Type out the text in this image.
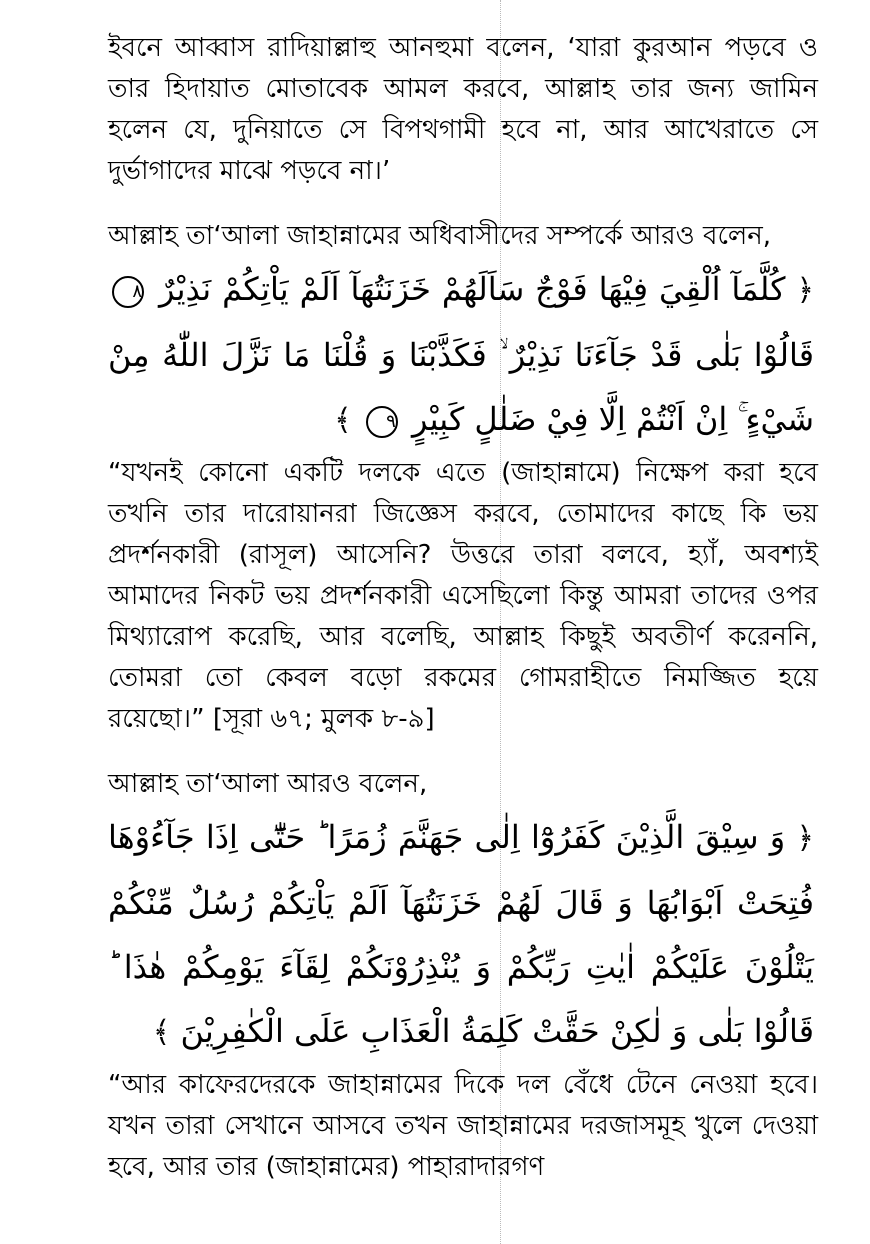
ইবনে আব্বাস রাদিয়াল্লাহু আনহুমা বলেন, ‘যারা কুরআন পড়বে ও তার হিদায়াত মোতাবেক আমল করবে, আল্লাহ তার জন্য জামিন হলেন যে, দুনিয়াতে সে বিপথগামী হবে না, আর আখেরাতে সে দুর্ভাগাদের মাঝে পড়বে না।’

আল্লাহ তা‘আলা জাহান্নামের অধিবাসীদের সম্পর্কে আরও বলেন,

﴿ كُلَّمَآ اُلْقِيَ فِيْهَا فَوْجٌ سَاَلَهُمْ خَزَنَتُهَآ اَلَمْ يَاْتِكُمْ نَذِيْرٌ ٨ قَالُوْا بَلٰى قَدْ جَآءَنَا نَذِيْرٌ ۙ فَكَذَّبْنَا وَ قُلْنَا مَا نَزَّلَ اللّٰهُ مِنْ شَيْءٍ ۚ اِنْ اَنْتُمْ اِلَّا فِيْ ضَلٰلٍ كَبِيْرٍ ٩ ﴾

“যখনই কোনো একটি দলকে এতে (জাহান্নামে) নিক্ষেপ করা হবে তখনি তার দারোয়ানরা জিজ্ঞেস করবে, তোমাদের কাছে কি ভয় প্রদর্শনকারী (রাসূল) আসেনি? উত্তরে তারা বলবে, হ্যাঁ, অবশ্যই আমাদের নিকট ভয় প্রদর্শনকারী এসেছিলো কিন্তু আমরা তাদের ওপর মিথ্যারোপ করেছি, আর বলেছি, আল্লাহ কিছুই অবতীর্ণ করেননি, তোমরা তো কেবল বড়ো রকমের গোমরাহীতে নিমজ্জিত হয়ে রয়েছো।” [সূরা ৬৭; মুলক ৮-৯]

আল্লাহ তা‘আলা আরও বলেন,

﴿ وَ سِيْقَ الَّذِيْنَ كَفَرُوْٓا اِلٰى جَهَنَّمَ زُمَرًا ؕ حَتّٰٓى اِذَا جَآءُوْهَا فُتِحَتْ اَبْوَابُهَا وَ قَالَ لَهُمْ خَزَنَتُهَآ اَلَمْ يَاْتِكُمْ رُسُلٌ مِّنْكُمْ يَتْلُوْنَ عَلَيْكُمْ اٰيٰتِ رَبِّكُمْ وَ يُنْذِرُوْنَكُمْ لِقَآءَ يَوْمِكُمْ هٰذَا ؕ قَالُوْا بَلٰى وَ لٰكِنْ حَقَّتْ كَلِمَةُ الْعَذَابِ عَلَى الْكٰفِرِيْنَ ﴾

“আর কাফেরদেরকে জাহান্নামের দিকে দল বেঁধে টেনে নেওয়া হবে। যখন তারা সেখানে আসবে তখন জাহান্নামের দরজাসমূহ খুলে দেওয়া হবে, আর তার (জাহান্নামের) পাহারাদারগণ
